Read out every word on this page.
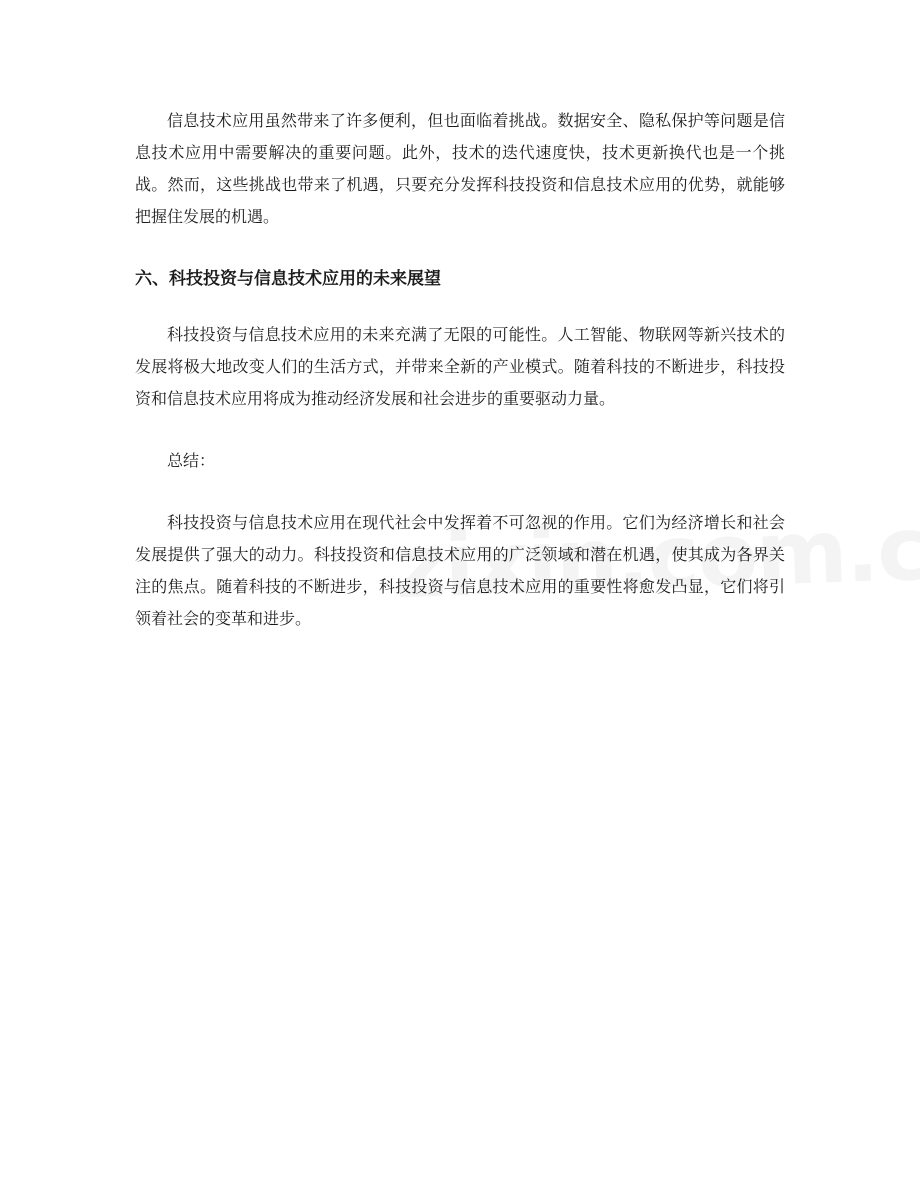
信息技术应用虽然带来了许多便利，但也面临着挑战。数据安全、隐私保护等问题是信息技术应用中需要解决的重要问题。此外，技术的迭代速度快，技术更新换代也是一个挑战。然而，这些挑战也带来了机遇，只要充分发挥科技投资和信息技术应用的优势，就能够把握住发展的机遇。

六、科技投资与信息技术应用的未来展望

科技投资与信息技术应用的未来充满了无限的可能性。人工智能、物联网等新兴技术的发展将极大地改变人们的生活方式，并带来全新的产业模式。随着科技的不断进步，科技投资和信息技术应用将成为推动经济发展和社会进步的重要驱动力量。

总结：

科技投资与信息技术应用在现代社会中发挥着不可忽视的作用。它们为经济增长和社会发展提供了强大的动力。科技投资和信息技术应用的广泛领域和潜在机遇，使其成为各界关注的焦点。随着科技的不断进步，科技投资与信息技术应用的重要性将愈发凸显，它们将引领着社会的变革和进步。
